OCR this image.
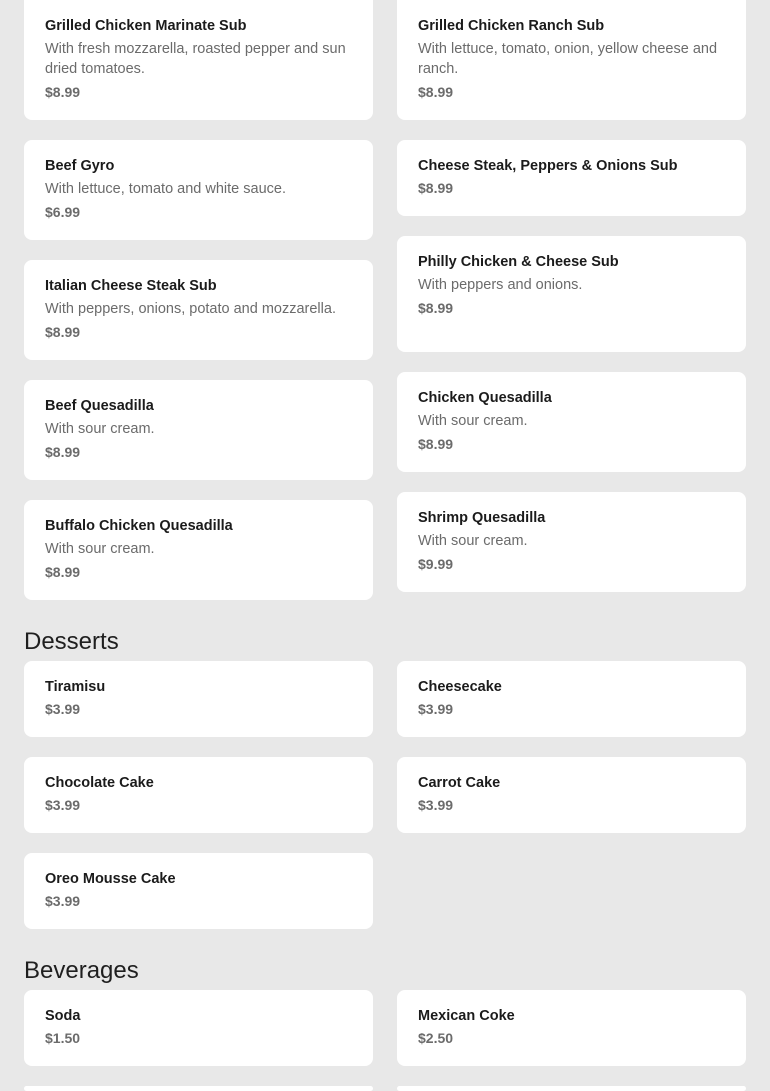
Grilled Chicken Marinate Sub
With fresh mozzarella, roasted pepper and sun dried tomatoes.
$8.99
Grilled Chicken Ranch Sub
With lettuce, tomato, onion, yellow cheese and ranch.
$8.99
Beef Gyro
With lettuce, tomato and white sauce.
$6.99
Cheese Steak, Peppers & Onions Sub
$8.99
Italian Cheese Steak Sub
With peppers, onions, potato and mozzarella.
$8.99
Philly Chicken & Cheese Sub
With peppers and onions.
$8.99
Beef Quesadilla
With sour cream.
$8.99
Chicken Quesadilla
With sour cream.
$8.99
Buffalo Chicken Quesadilla
With sour cream.
$8.99
Shrimp Quesadilla
With sour cream.
$9.99
Desserts
Tiramisu
$3.99
Cheesecake
$3.99
Chocolate Cake
$3.99
Carrot Cake
$3.99
Oreo Mousse Cake
$3.99
Beverages
Soda
$1.50
Mexican Coke
$2.50
